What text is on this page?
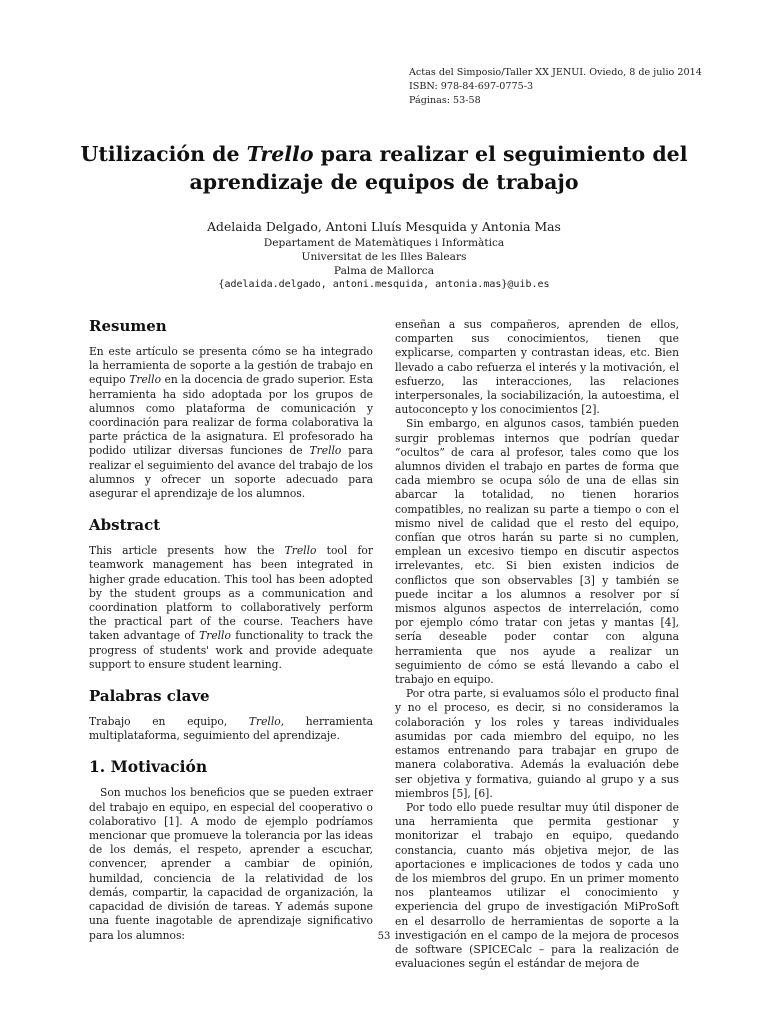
Actas del Simposio/Taller XX JENUI. Oviedo, 8 de julio 2014
ISBN: 978-84-697-0775-3
Páginas: 53-58
Utilización de Trello para realizar el seguimiento del
aprendizaje de equipos de trabajo
Adelaida Delgado, Antoni Lluís Mesquida y Antonia Mas
Departament de Matemàtiques i Informàtica
Universitat de les Illes Balears
Palma de Mallorca
{adelaida.delgado, antoni.mesquida, antonia.mas}@uib.es
Resumen

En este artículo se presenta cómo se ha integrado la herramienta de soporte a la gestión de trabajo en equipo Trello en la docencia de grado superior. Esta herramienta ha sido adoptada por los grupos de alumnos como plataforma de comunicación y coordinación para realizar de forma colaborativa la parte práctica de la asignatura. El profesorado ha podido utilizar diversas funciones de Trello para realizar el seguimiento del avance del trabajo de los alumnos y ofrecer un soporte adecuado para asegurar el aprendizaje de los alumnos.

Abstract

This article presents how the Trello tool for teamwork management has been integrated in higher grade education. This tool has been adopted by the student groups as a communication and coordination platform to collaboratively perform the practical part of the course. Teachers have taken advantage of Trello functionality to track the progress of students' work and provide adequate support to ensure student learning.

Palabras clave

Trabajo en equipo, Trello, herramienta multiplataforma, seguimiento del aprendizaje.

1. Motivación

Son muchos los beneficios que se pueden extraer del trabajo en equipo, en especial del cooperativo o colaborativo [1]. A modo de ejemplo podríamos mencionar que promueve la tolerancia por las ideas de los demás, el respeto, aprender a escuchar, convencer, aprender a cambiar de opinión, humildad, conciencia de la relatividad de los demás, compartir, la capacidad de organización, la capacidad de división de tareas. Y además supone una fuente inagotable de aprendizaje significativo para los alumnos:

enseñan a sus compañeros, aprenden de ellos, comparten sus conocimientos, tienen que explicarse, comparten y contrastan ideas, etc. Bien llevado a cabo refuerza el interés y la motivación, el esfuerzo, las interacciones, las relaciones interpersonales, la sociabilización, la autoestima, el autoconcepto y los conocimientos [2].

Sin embargo, en algunos casos, también pueden surgir problemas internos que podrían quedar “ocultos” de cara al profesor, tales como que los alumnos dividen el trabajo en partes de forma que cada miembro se ocupa sólo de una de ellas sin abarcar la totalidad, no tienen horarios compatibles, no realizan su parte a tiempo o con el mismo nivel de calidad que el resto del equipo, confían que otros harán su parte si no cumplen, emplean un excesivo tiempo en discutir aspectos irrelevantes, etc. Si bien existen indicios de conflictos que son observables [3] y también se puede incitar a los alumnos a resolver por sí mismos algunos aspectos de interrelación, como por ejemplo cómo tratar con jetas y mantas [4], sería deseable poder contar con alguna herramienta que nos ayude a realizar un seguimiento de cómo se está llevando a cabo el trabajo en equipo.

Por otra parte, si evaluamos sólo el producto final y no el proceso, es decir, si no consideramos la colaboración y los roles y tareas individuales asumidas por cada miembro del equipo, no les estamos entrenando para trabajar en grupo de manera colaborativa. Además la evaluación debe ser objetiva y formativa, guiando al grupo y a sus miembros [5], [6].

Por todo ello puede resultar muy útil disponer de una herramienta que permita gestionar y monitorizar el trabajo en equipo, quedando constancia, cuanto más objetiva mejor, de las aportaciones e implicaciones de todos y cada uno de los miembros del grupo. En un primer momento nos planteamos utilizar el conocimiento y experiencia del grupo de investigación MiProSoft en el desarrollo de herramientas de soporte a la investigación en el campo de la mejora de procesos de software (SPICECalc – para la realización de evaluaciones según el estándar de mejora de

53
